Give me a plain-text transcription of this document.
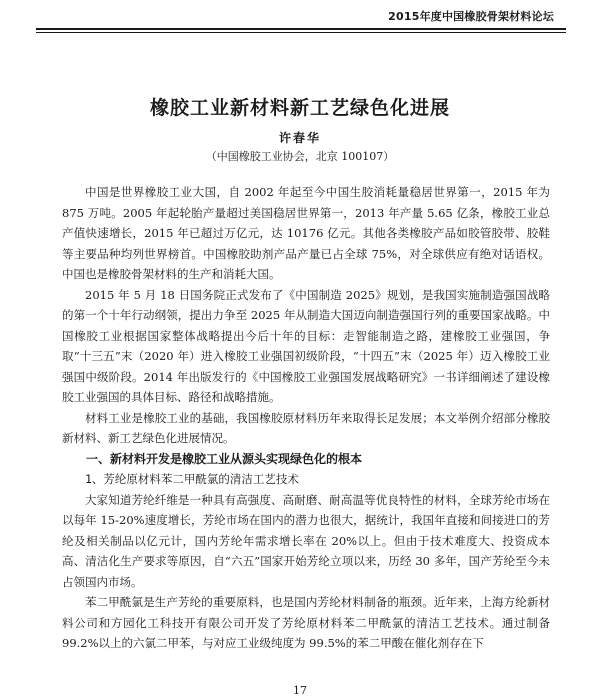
2015年度中国橡胶骨架材料论坛
橡胶工业新材料新工艺绿色化进展
许春华
（中国橡胶工业协会，北京 100107）

中国是世界橡胶工业大国，自 2002 年起至今中国生胶消耗量稳居世界第一，2015 年为 875 万吨。2005 年起轮胎产量超过美国稳居世界第一，2013 年产量 5.65 亿条，橡胶工业总产值快速增长，2015 年已超过万亿元，达 10176 亿元。其他各类橡胶产品如胶管胶带、胶鞋等主要品种均列世界榜首。中国橡胶助剂产品产量已占全球 75%，对全球供应有绝对话语权。中国也是橡胶骨架材料的生产和消耗大国。

2015 年 5 月 18 日国务院正式发布了《中国制造 2025》规划，是我国实施制造强国战略的第一个十年行动纲领，提出力争至 2025 年从制造大国迈向制造强国行列的重要国家战略。中国橡胶工业根据国家整体战略提出今后十年的目标：走智能制造之路，建橡胶工业强国，争取“十三五”末（2020 年）进入橡胶工业强国初级阶段，“十四五”末（2025 年）迈入橡胶工业强国中级阶段。2014 年出版发行的《中国橡胶工业强国发展战略研究》一书详细阐述了建设橡胶工业强国的具体目标、路径和战略措施。

材料工业是橡胶工业的基础，我国橡胶原材料历年来取得长足发展；本文举例介绍部分橡胶新材料、新工艺绿色化进展情况。

一、新材料开发是橡胶工业从源头实现绿色化的根本
1、芳纶原材料苯二甲酰氯的清洁工艺技术

大家知道芳纶纤维是一种具有高强度、高耐磨、耐高温等优良特性的材料，全球芳纶市场在以每年 15-20%速度增长，芳纶市场在国内的潜力也很大，据统计，我国年直接和间接进口的芳纶及相关制品以亿元计，国内芳纶年需求增长率在 20%以上。但由于技术难度大、投资成本高、清洁化生产要求等原因，自“六五”国家开始芳纶立项以来，历经 30 多年，国产芳纶至今未占领国内市场。

苯二甲酰氯是生产芳纶的重要原料，也是国内芳纶材料制备的瓶颈。近年来，上海方纶新材料公司和方园化工科技开有限公司开发了芳纶原材料苯二甲酰氯的清洁工艺技术。通过制备 99.2%以上的六氯二甲苯，与对应工业级纯度为 99.5%的苯二甲酸在催化剂存在下

17
